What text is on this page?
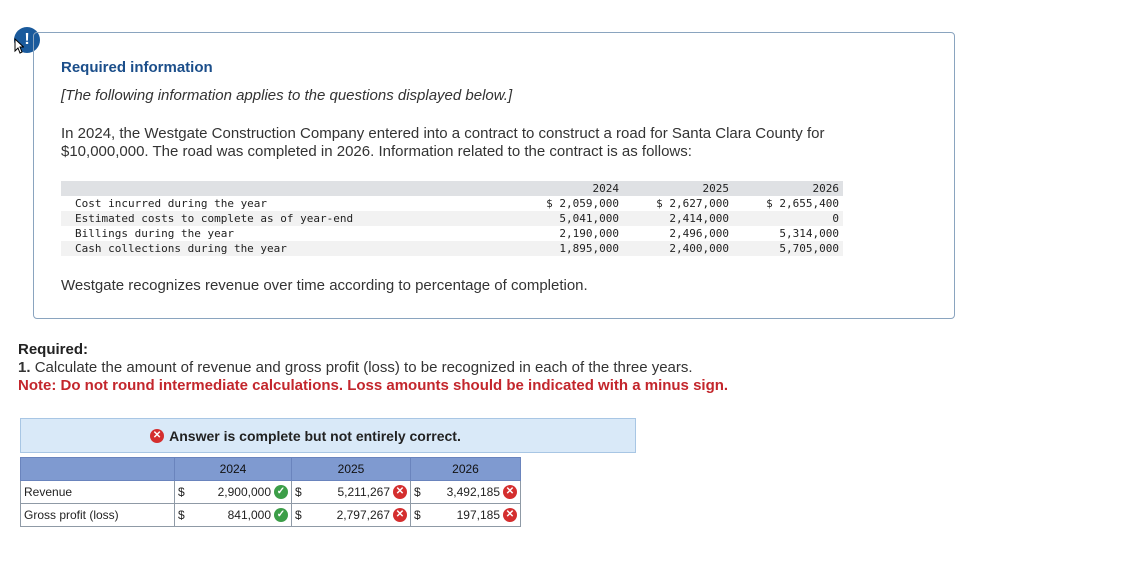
!
Required information
[The following information applies to the questions displayed below.]
In 2024, the Westgate Construction Company entered into a contract to construct a road for Santa Clara County for $10,000,000. The road was completed in 2026. Information related to the contract is as follows:
	2024	2025	2026	
Cost incurred during the year	$ 2,059,000	$ 2,627,000	$ 2,655,400	
Estimated costs to complete as of year-end	5,041,000	2,414,000	0	
Billings during the year	2,190,000	2,496,000	5,314,000	
Cash collections during the year	1,895,000	2,400,000	5,705,000	
Westgate recognizes revenue over time according to percentage of completion.
Required:
1. Calculate the amount of revenue and gross profit (loss) to be recognized in each of the three years.
Note: Do not round intermediate calculations. Loss amounts should be indicated with a minus sign.
✕ Answer is complete but not entirely correct.
	2024		2025		2026	
Revenue	$	2,900,000 ✓	$	5,211,267 ✕	$	3,492,185 ✕

Gross profit (loss)	$	841,000 ✓	$	2,797,267 ✕	$	197,185 ✕
